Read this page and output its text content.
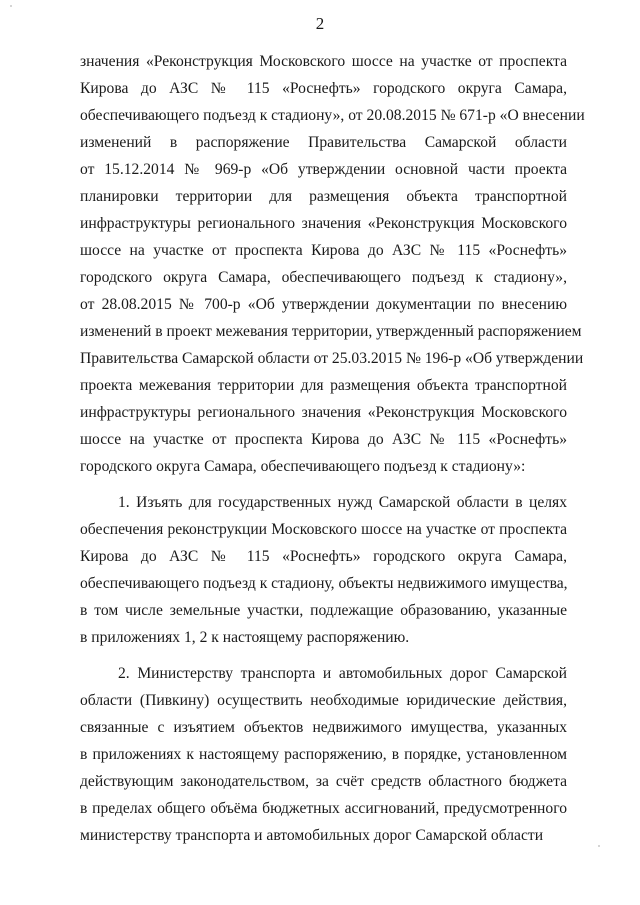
2
значения «Реконструкция Московского шоссе на участке от проспекта
Кирова до АЗС № 115 «Роснефть» городского округа Самара,
обеспечивающего подъезд к стадиону», от 20.08.2015 № 671-р «О внесении
изменений в распоряжение Правительства Самарской области
от 15.12.2014 № 969-р «Об утверждении основной части проекта
планировки территории для размещения объекта транспортной
инфраструктуры регионального значения «Реконструкция Московского
шоссе на участке от проспекта Кирова до АЗС № 115 «Роснефть»
городского округа Самара, обеспечивающего подъезд к стадиону»,
от 28.08.2015 № 700-р «Об утверждении документации по внесению
изменений в проект межевания территории, утвержденный распоряжением
Правительства Самарской области от 25.03.2015 № 196-р «Об утверждении
проекта межевания территории для размещения объекта транспортной
инфраструктуры регионального значения «Реконструкция Московского
шоссе на участке от проспекта Кирова до АЗС № 115 «Роснефть»
городского округа Самара, обеспечивающего подъезд к стадиону»:
1. Изъять для государственных нужд Самарской области в целях
обеспечения реконструкции Московского шоссе на участке от проспекта
Кирова до АЗС № 115 «Роснефть» городского округа Самара,
обеспечивающего подъезд к стадиону, объекты недвижимого имущества,
в том числе земельные участки, подлежащие образованию, указанные
в приложениях 1, 2 к настоящему распоряжению.
2. Министерству транспорта и автомобильных дорог Самарской
области (Пивкину) осуществить необходимые юридические действия,
связанные с изъятием объектов недвижимого имущества, указанных
в приложениях к настоящему распоряжению, в порядке, установленном
действующим законодательством, за счёт средств областного бюджета
в пределах общего объёма бюджетных ассигнований, предусмотренного
министерству транспорта и автомобильных дорог Самарской области
